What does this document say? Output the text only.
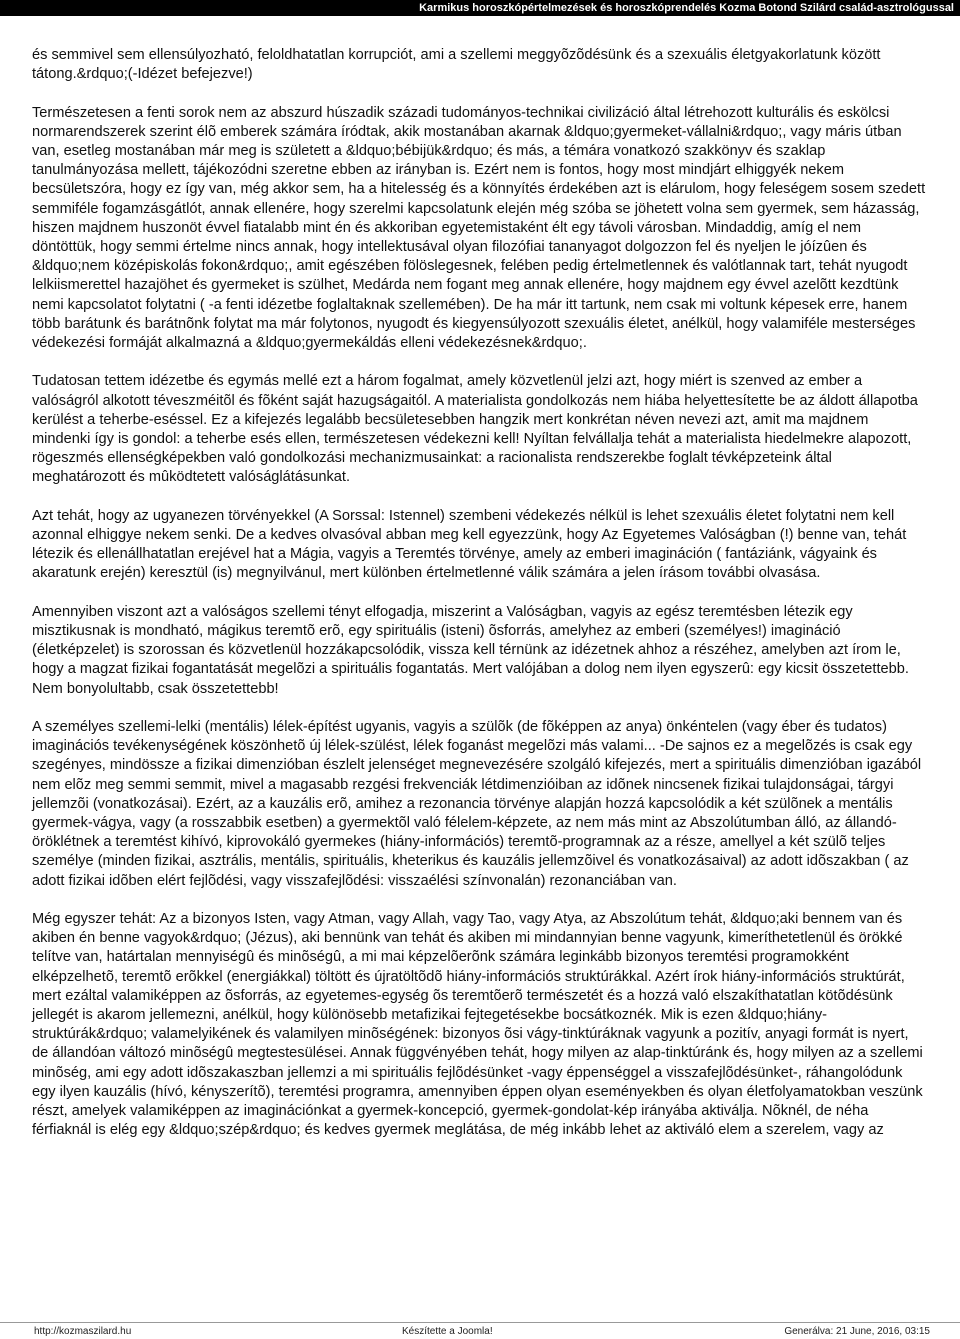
Karmikus horoszkópértelmezések és horoszkóprendelés Kozma Botond Szilárd család-asztrológussal

és semmivel sem ellensúlyozható, feloldhatatlan korrupciót, ami a szellemi meggyõzõdésünk és a szexuális életgyakorlatunk között tátong.&rdquo;(-Idézet befejezve!)

Természetesen a fenti sorok nem az abszurd húszadik századi tudományos-technikai civilizáció által létrehozott kulturális és eskölcsi normarendszerek szerint élõ emberek számára íródtak, akik mostanában akarnak &ldquo;gyermeket-vállalni&rdquo;, vagy máris útban van, esetleg mostanában már meg is született a &ldquo;bébijük&rdquo; és más, a témára vonatkozó szakkönyv és szaklap tanulmányozása mellett, tájékozódni szeretne ebben az irányban is. Ezért nem is fontos, hogy most mindjárt elhiggyék nekem becsületszóra, hogy ez így van, még akkor sem, ha a hitelesség és a könnyítés érdekében azt is elárulom, hogy feleségem sosem szedett semmiféle fogamzásgátlót, annak ellenére, hogy szerelmi kapcsolatunk elején még szóba se jöhetett volna sem gyermek, sem házasság, hiszen majdnem huszonöt évvel fiatalabb mint én és akkoriban egyetemistaként élt egy távoli városban. Mindaddig, amíg el nem döntöttük, hogy semmi értelme nincs annak, hogy intellektusával olyan filozófiai tananyagot dolgozzon fel és nyeljen le jóízûen és &ldquo;nem középiskolás fokon&rdquo;, amit egészében fölöslegesnek, felében pedig értelmetlennek és valótlannak tart, tehát nyugodt lelkiismerettel hazajöhet és gyermeket is szülhet, Medárda nem fogant meg annak ellenére, hogy majdnem egy évvel azelõtt kezdtünk nemi kapcsolatot folytatni ( -a fenti idézetbe foglaltaknak szellemében). De ha már itt tartunk, nem csak mi voltunk képesek erre, hanem több barátunk és barátnõnk folytat ma már folytonos, nyugodt és kiegyensúlyozott szexuális életet, anélkül, hogy valamiféle mesterséges védekezési formáját alkalmazná a &ldquo;gyermekáldás elleni védekezésnek&rdquo;.

Tudatosan tettem idézetbe és egymás mellé ezt a három fogalmat, amely közvetlenül jelzi azt, hogy miért is szenved az ember a valóságról alkotott téveszméitõl és fõként saját hazugságaitól. A materialista gondolkozás nem hiába helyettesítette be az áldott állapotba kerülést a teherbe-eséssel. Ez a kifejezés legalább becsületesebben hangzik mert konkrétan néven nevezi azt, amit ma majdnem mindenki így is gondol: a teherbe esés ellen, természetesen védekezni kell! Nyíltan felvállalja tehát a materialista hiedelmekre alapozott, rögeszmés ellenségképekben való gondolkozási mechanizmusainkat: a racionalista rendszerekbe foglalt tévképzeteink által meghatározott és mûködtetett valóságlátásunkat.

Azt tehát, hogy az ugyanezen törvényekkel (A Sorssal: Istennel) szembeni védekezés nélkül is lehet szexuális életet folytatni nem kell azonnal elhiggye nekem senki. De a kedves olvasóval abban meg kell egyezzünk, hogy Az Egyetemes Valóságban (!) benne van, tehát létezik és ellenállhatatlan erejével hat a Mágia, vagyis a Teremtés törvénye, amely az emberi imagináción ( fantáziánk, vágyaink és akaratunk erején) keresztül (is) megnyilvánul, mert különben értelmetlenné válik számára a jelen írásom további olvasása.

Amennyiben viszont azt a valóságos szellemi tényt elfogadja, miszerint a Valóságban, vagyis az egész teremtésben létezik egy misztikusnak is mondható, mágikus teremtõ erõ, egy spirituális (isteni) õsforrás, amelyhez az emberi (személyes!) imagináció (életképzelet) is szorossan és közvetlenül hozzákapcsolódik, vissza kell térnünk az idézetnek ahhoz a részéhez, amelyben azt írom le, hogy a magzat fizikai fogantatását megelõzi a spirituális fogantatás. Mert valójában a dolog nem ilyen egyszerû: egy kicsit összetettebb. Nem bonyolultabb, csak összetettebb!

A személyes szellemi-lelki (mentális) lélek-építést ugyanis, vagyis a szülõk (de fõképpen az anya) önkéntelen (vagy éber és tudatos) imaginációs tevékenységének köszönhetõ új lélek-szülést, lélek foganást megelõzi más valami... -De sajnos ez a megelõzés is csak egy szegényes, mindössze a fizikai dimenzióban észlelt jelenséget megnevezésére szolgáló kifejezés, mert a spirituális dimenzióban igazából nem elõz meg semmi semmit, mivel a magasabb rezgési frekvenciák létdimenzióiban az idõnek nincsenek fizikai tulajdonságai, tárgyi jellemzõi (vonatkozásai). Ezért, az a kauzális erõ, amihez a rezonancia törvénye alapján hozzá kapcsolódik a két szülõnek a mentális gyermek-vágya, vagy (a rosszabbik esetben) a gyermektõl való félelem-képzete, az nem más mint az Abszolútumban álló, az állandó-öröklétnek a teremtést kihívó, kiprovokáló gyermekes (hiány-információs) teremtõ-programnak az a része, amellyel a két szülõ teljes személye (minden fizikai, asztrális, mentális, spirituális, kheterikus és kauzális jellemzõivel és vonatkozásaival) az adott idõszakban ( az adott fizikai idõben elért fejlõdési, vagy visszafejlõdési: visszaélési színvonalán) rezonanciában van.

Még egyszer tehát: Az a bizonyos Isten, vagy Atman, vagy Allah, vagy Tao, vagy Atya, az Abszolútum tehát, &ldquo;aki bennem van és akiben én benne vagyok&rdquo; (Jézus), aki bennünk van tehát és akiben mi mindannyian benne vagyunk, kimeríthetetlenül és örökké telítve van, határtalan mennyiségû és minõségû, a mi mai képzelõerõnk számára leginkább bizonyos teremtési programokként elképzelhetõ, teremtõ erõkkel (energiákkal) töltött és újratöltõdõ hiány-információs struktúrákkal. Azért írok hiány-információs struktúrát, mert ezáltal valamiképpen az õsforrás, az egyetemes-egység õs teremtõerõ természetét és a hozzá való elszakíthatatlan kötõdésünk jellegét is akarom jellemezni, anélkül, hogy különösebb metafizikai fejtegetésekbe bocsátkoznék. Mik is ezen &ldquo;hiány-struktúrák&rdquo; valamelyikének és valamilyen minõségének: bizonyos õsi vágy-tinktúráknak vagyunk a pozitív, anyagi formát is nyert, de állandóan változó minõségû megtestesülései. Annak függvényében tehát, hogy milyen az alap-tinktúránk és, hogy milyen az a szellemi minõség, ami egy adott idõszakaszban jellemzi a mi spirituális fejlõdésünket -vagy éppenséggel a visszafejlõdésünket-, ráhangolódunk egy ilyen kauzális (hívó, kényszerítõ), teremtési programra, amennyiben éppen olyan eseményekben és olyan életfolyamatokban veszünk részt, amelyek valamiképpen az imaginációnkat a gyermek-koncepció, gyermek-gondolat-kép irányába aktiválja. Nõknél, de néha férfiaknál is elég egy &ldquo;szép&rdquo; és kedves gyermek meglátása, de még inkább lehet az aktiváló elem a szerelem, vagy az

http://kozmaszilard.hu	Készítette a Joomla!	Generálva: 21 June, 2016, 03:15
